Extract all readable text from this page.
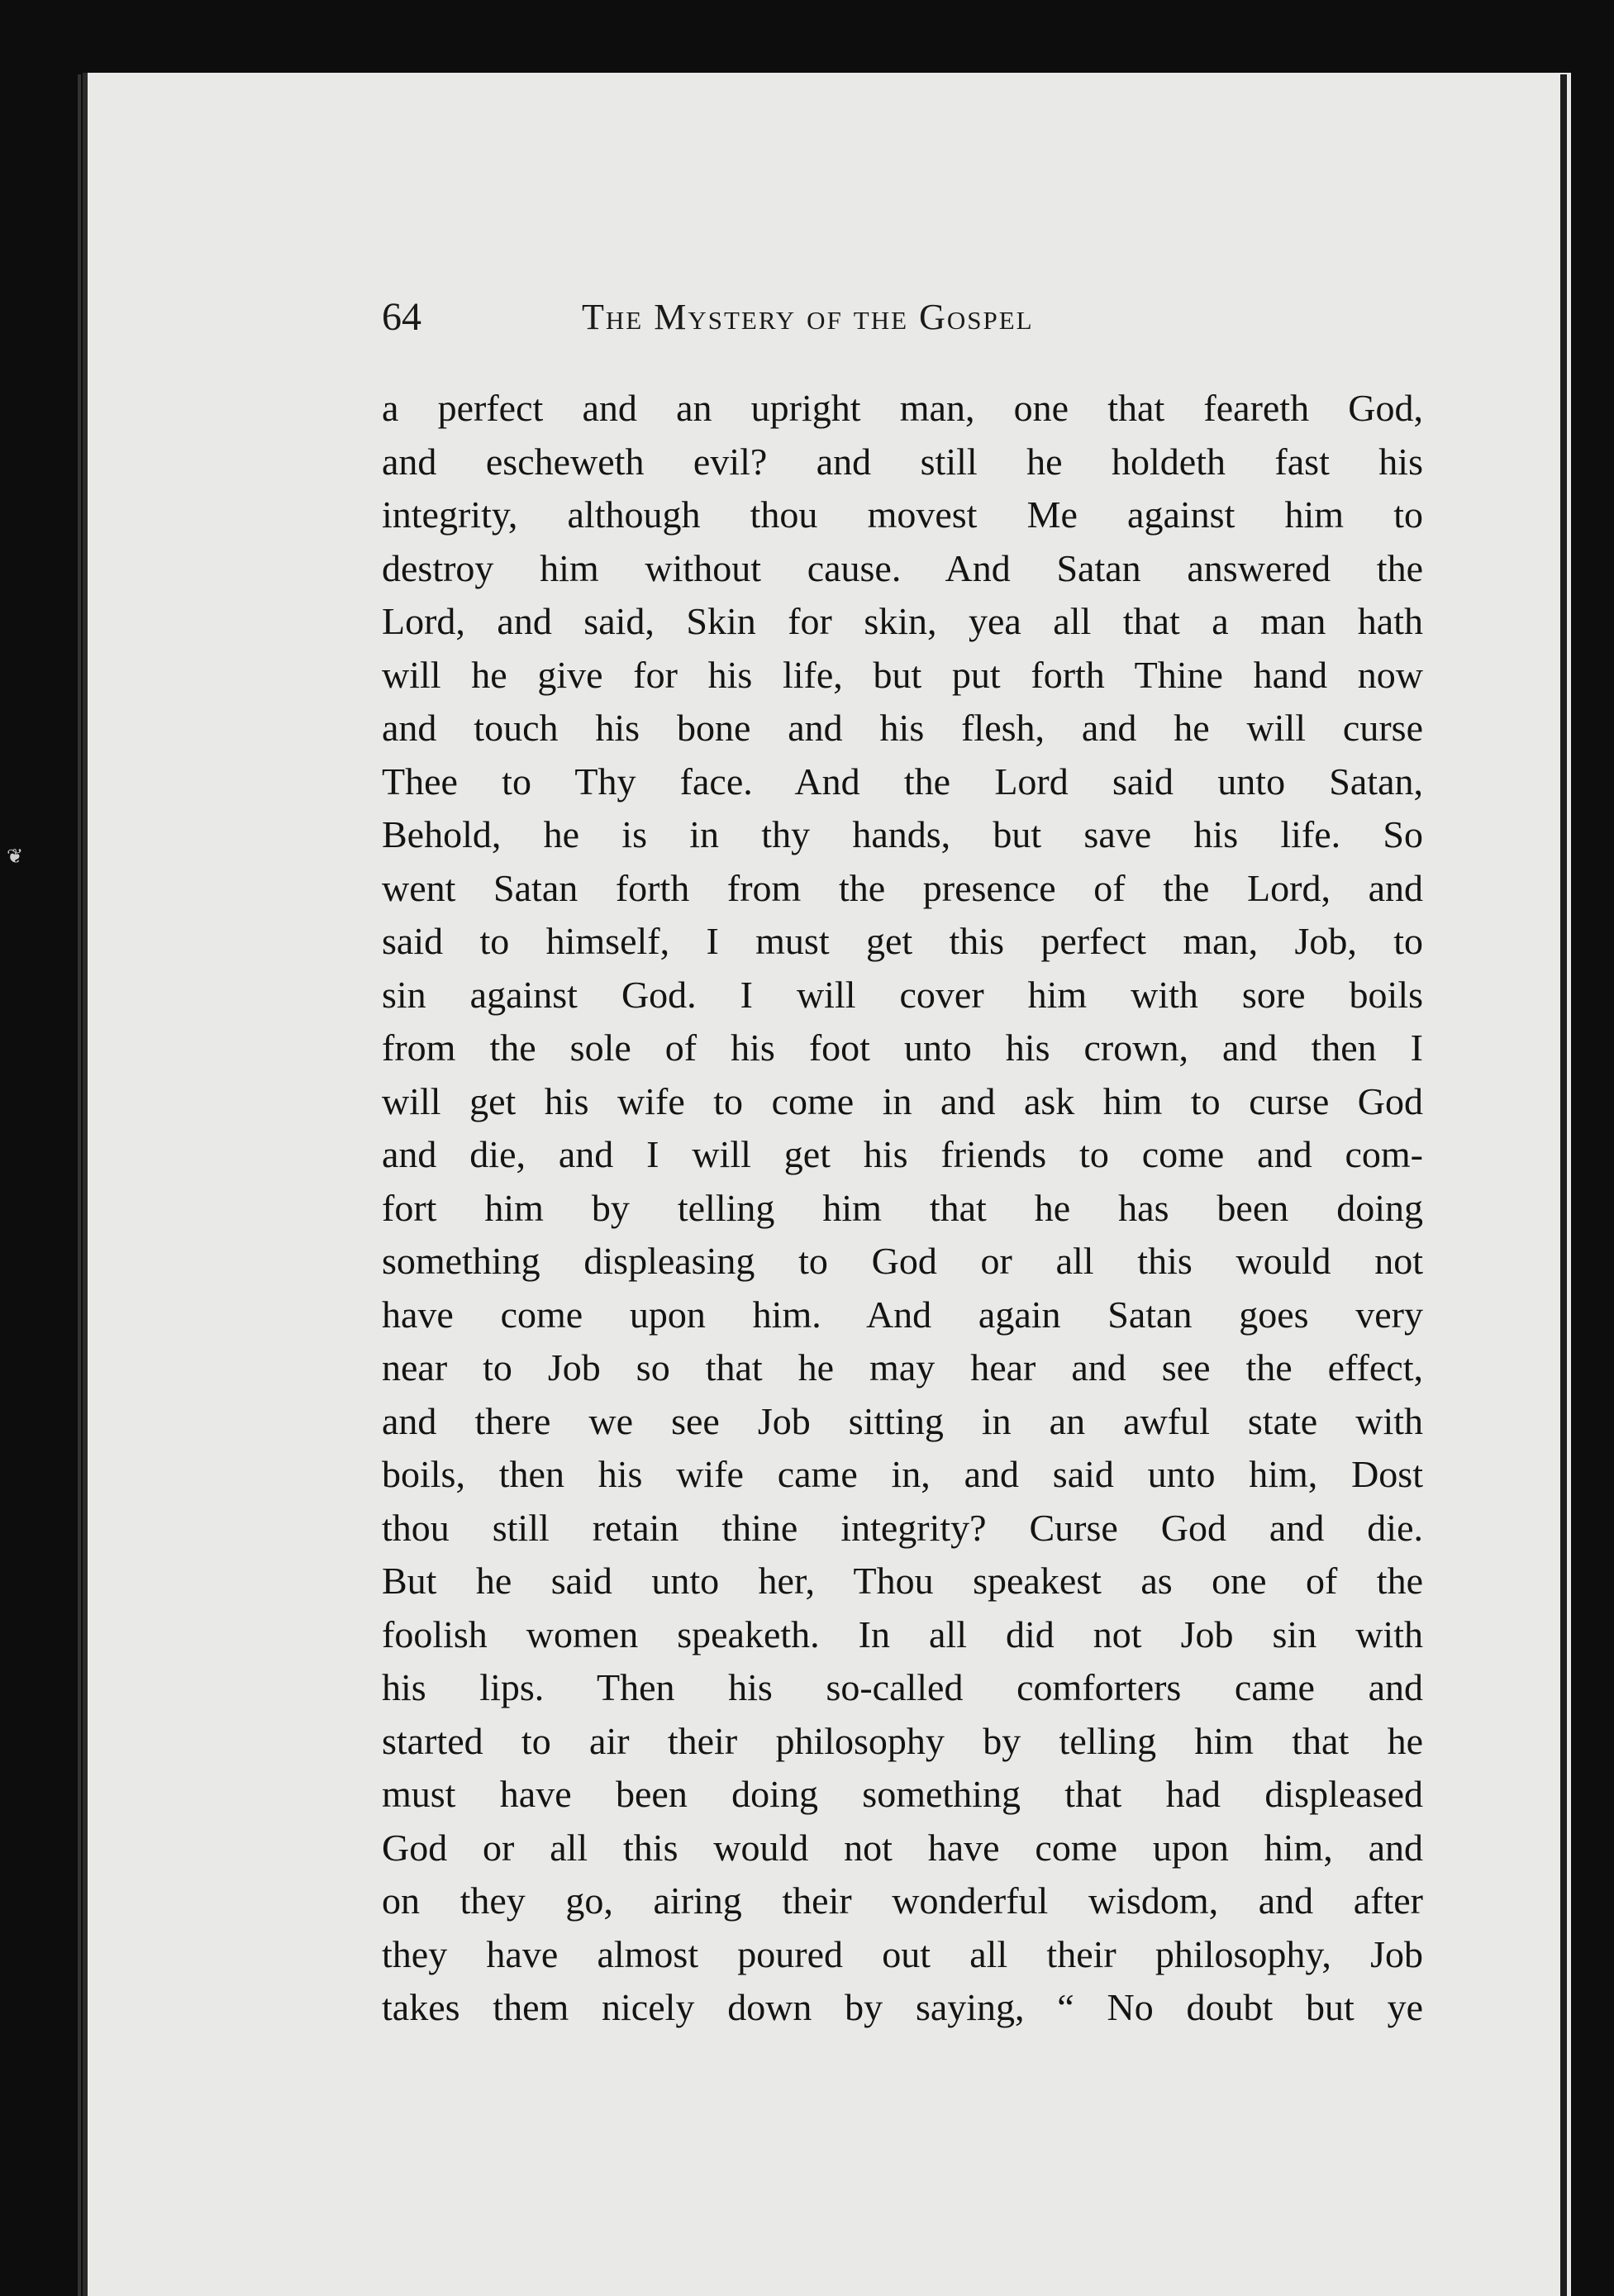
❦
64	The Mystery of the Gospel
a perfect and an upright man, one that feareth God,
and escheweth evil? and still he holdeth fast his
integrity, although thou movest Me against him to
destroy him without cause. And Satan answered the
Lord, and said, Skin for skin, yea all that a man hath
will he give for his life, but put forth Thine hand now
and touch his bone and his flesh, and he will curse
Thee to Thy face. And the Lord said unto Satan,
Behold, he is in thy hands, but save his life. So
went Satan forth from the presence of the Lord, and
said to himself, I must get this perfect man, Job, to
sin against God. I will cover him with sore boils
from the sole of his foot unto his crown, and then I
will get his wife to come in and ask him to curse God
and die, and I will get his friends to come and com-
fort him by telling him that he has been doing
something displeasing to God or all this would not
have come upon him. And again Satan goes very
near to Job so that he may hear and see the effect,
and there we see Job sitting in an awful state with
boils, then his wife came in, and said unto him, Dost
thou still retain thine integrity? Curse God and die.
But he said unto her, Thou speakest as one of the
foolish women speaketh. In all did not Job sin with
his lips. Then his so-called comforters came and
started to air their philosophy by telling him that he
must have been doing something that had displeased
God or all this would not have come upon him, and
on they go, airing their wonderful wisdom, and after
they have almost poured out all their philosophy, Job
takes them nicely down by saying, “ No doubt but ye
